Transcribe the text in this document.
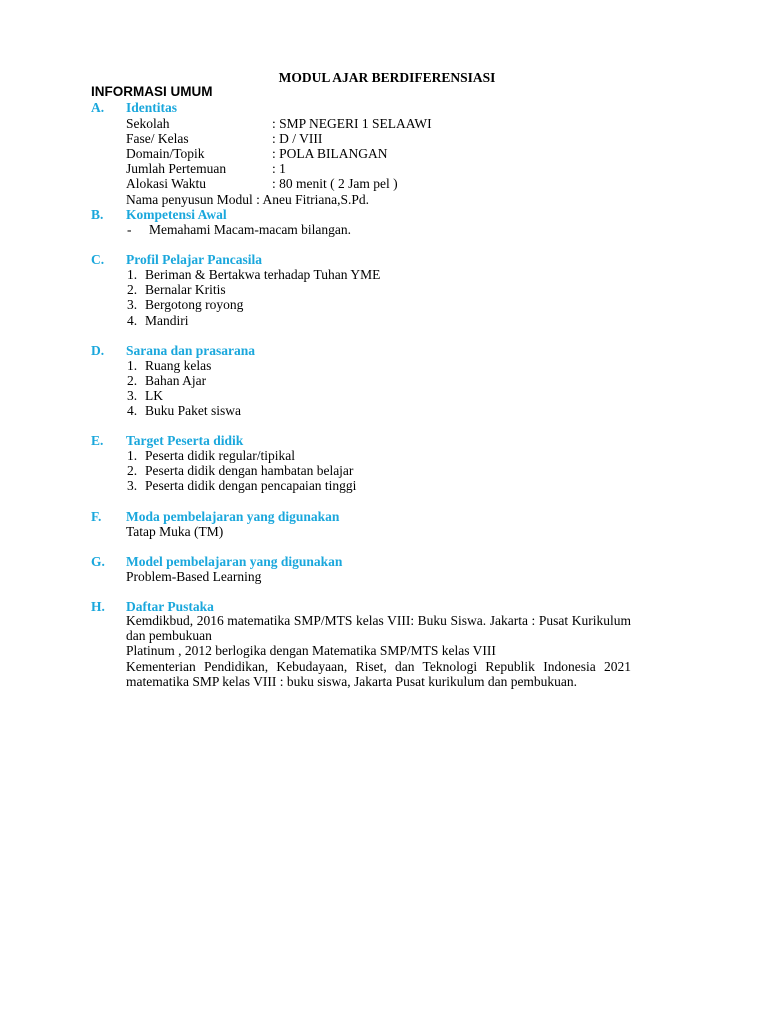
MODUL AJAR BERDIFERENSIASI
INFORMASI UMUM
A. Identitas
Sekolah	: SMP NEGERI 1 SELAAWI
Fase/ Kelas	: D / VIII
Domain/Topik	: POLA BILANGAN
Jumlah Pertemuan	: 1
Alokasi Waktu	: 80 menit ( 2 Jam pel )
Nama penyusun Modul : Aneu Fitriana,S.Pd.
B. Kompetensi Awal
- Memahami Macam-macam bilangan.
C. Profil Pelajar Pancasila
1. Beriman & Bertakwa terhadap Tuhan YME
2. Bernalar Kritis
3. Bergotong royong
4. Mandiri
D. Sarana dan prasarana
1. Ruang kelas
2. Bahan Ajar
3. LK
4. Buku Paket siswa
E. Target Peserta didik
1. Peserta didik regular/tipikal
2. Peserta didik dengan hambatan belajar
3. Peserta didik dengan pencapaian tinggi
F. Moda pembelajaran yang digunakan
Tatap Muka (TM)
G. Model pembelajaran yang digunakan
Problem-Based Learning
H. Daftar Pustaka

Kemdikbud, 2016 matematika SMP/MTS kelas VIII: Buku Siswa. Jakarta : Pusat Kurikulum dan pembukuan

Platinum , 2012 berlogika dengan Matematika SMP/MTS kelas VIII

Kementerian Pendidikan, Kebudayaan, Riset, dan Teknologi Republik Indonesia 2021 matematika SMP kelas VIII : buku siswa, Jakarta Pusat kurikulum dan pembukuan.
